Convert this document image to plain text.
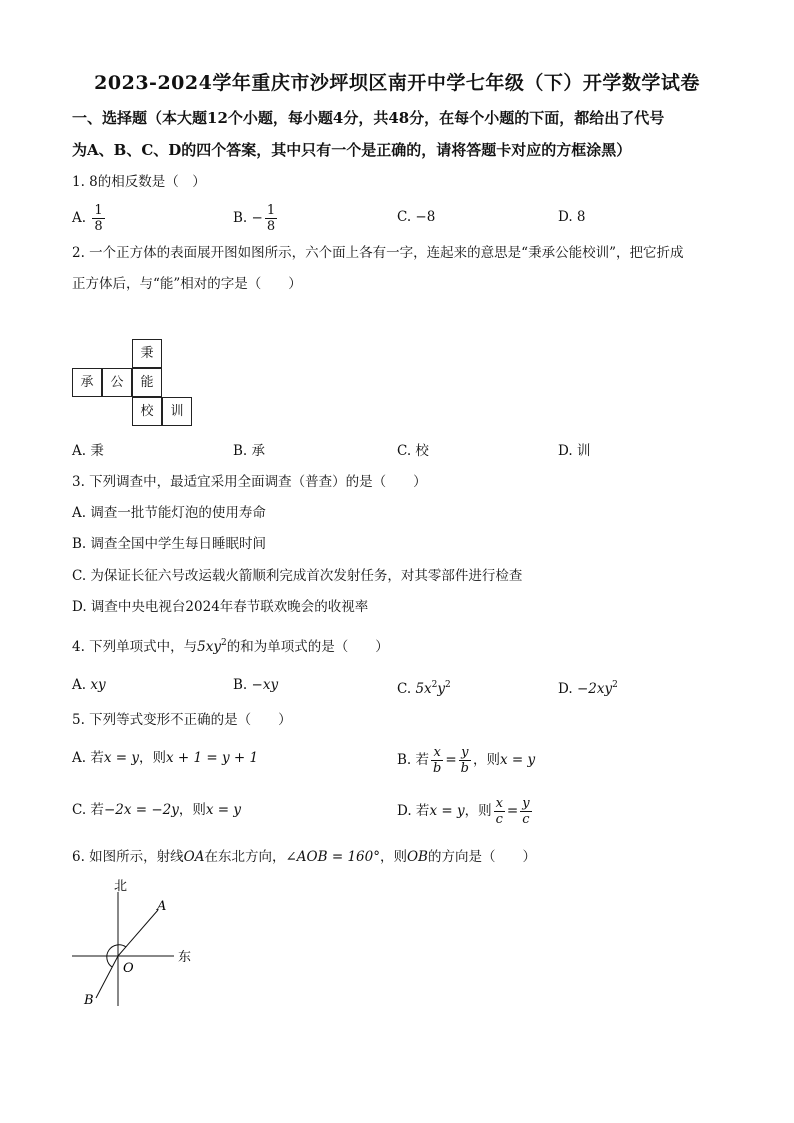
2023-2024学年重庆市沙坪坝区南开中学七年级（下）开学数学试卷
一、选择题（本大题12个小题，每小题4分，共48分，在每个小题的下面，都给出了代号
为A、B、C、D的四个答案，其中只有一个是正确的，请将答题卡对应的方框涂黑）
1. 8的相反数是（　）
A. $\frac{1}{8}$	B. − $\frac{1}{8}$	C. −8	D. 8
2. 一个正方体的表面展开图如图所示，六个面上各有一字，连起来的意思是“秉承公能校训”，把它折成
正方体后，与“能”相对的字是（　　）
秉
承	公	能
校	训
A. 秉	B. 承	C. 校	D. 训
3. 下列调查中，最适宜采用全面调查（普查）的是（　　）
A. 调查一批节能灯泡的使用寿命
B. 调查全国中学生每日睡眠时间
C. 为保证长征六号改运载火箭顺利完成首次发射任务，对其零部件进行检查
D. 调查中央电视台2024年春节联欢晚会的收视率
4. 下列单项式中，与$5xy^2$的和为单项式的是（　　）
A. xy	B. −xy	C. $5x^2y^2$	D. $-2xy^2$
5. 下列等式变形不正确的是（　　）
A. 若x = y，则x + 1 = y + 1	B. 若 $\frac{x}{b} = \frac{y}{b}$ ，则x = y
C. 若−2x = −2y，则x = y	D. 若x = y，则 $\frac{x}{c} = \frac{y}{c}$
6. 如图所示，射线OA在东北方向，∠AOB = 160°，则OB的方向是（　　）
北
东
A
O
B
